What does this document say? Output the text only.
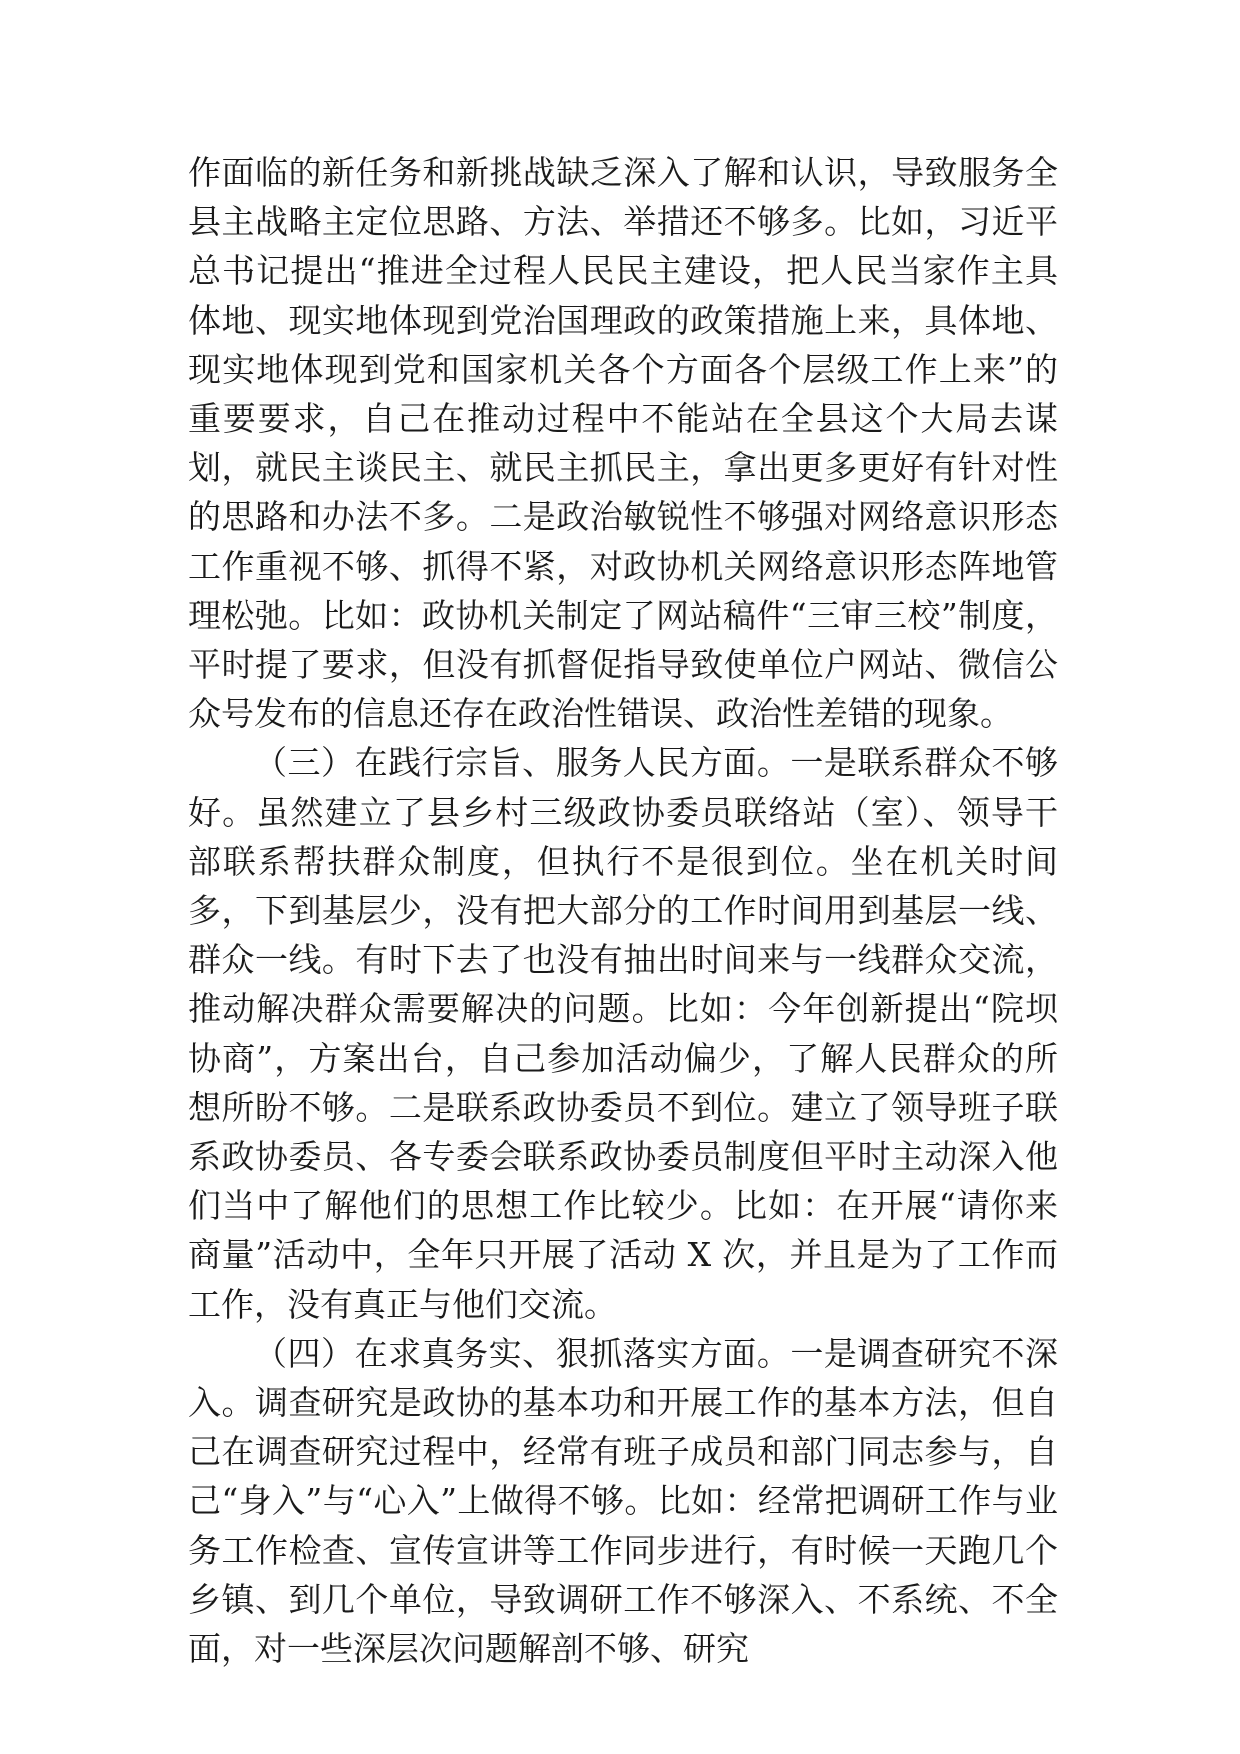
作面临的新任务和新挑战缺乏深入了解和认识，导致服务全县主战略主定位思路、方法、举措还不够多。比如，习近平总书记提出“推进全过程人民民主建设，把人民当家作主具体地、现实地体现到党治国理政的政策措施上来，具体地、现实地体现到党和国家机关各个方面各个层级工作上来”的重要要求，自己在推动过程中不能站在全县这个大局去谋划，就民主谈民主、就民主抓民主，拿出更多更好有针对性的思路和办法不多。二是政治敏锐性不够强对网络意识形态工作重视不够、抓得不紧，对政协机关网络意识形态阵地管理松弛。比如：政协机关制定了网站稿件“三审三校”制度，平时提了要求，但没有抓督促指导致使单位户网站、微信公众号发布的信息还存在政治性错误、政治性差错的现象。

（三）在践行宗旨、服务人民方面。一是联系群众不够好。虽然建立了县乡村三级政协委员联络站（室）、领导干部联系帮扶群众制度，但执行不是很到位。坐在机关时间多，下到基层少，没有把大部分的工作时间用到基层一线、群众一线。有时下去了也没有抽出时间来与一线群众交流，推动解决群众需要解决的问题。比如：今年创新提出“院坝协商”，方案出台，自己参加活动偏少，了解人民群众的所想所盼不够。二是联系政协委员不到位。建立了领导班子联系政协委员、各专委会联系政协委员制度但平时主动深入他们当中了解他们的思想工作比较少。比如：在开展“请你来商量”活动中，全年只开展了活动 X 次，并且是为了工作而工作，没有真正与他们交流。

（四）在求真务实、狠抓落实方面。一是调查研究不深入。调查研究是政协的基本功和开展工作的基本方法，但自己在调查研究过程中，经常有班子成员和部门同志参与，自己“身入”与“心入”上做得不够。比如：经常把调研工作与业务工作检查、宣传宣讲等工作同步进行，有时候一天跑几个乡镇、到几个单位，导致调研工作不够深入、不系统、不全面，对一些深层次问题解剖不够、研究
